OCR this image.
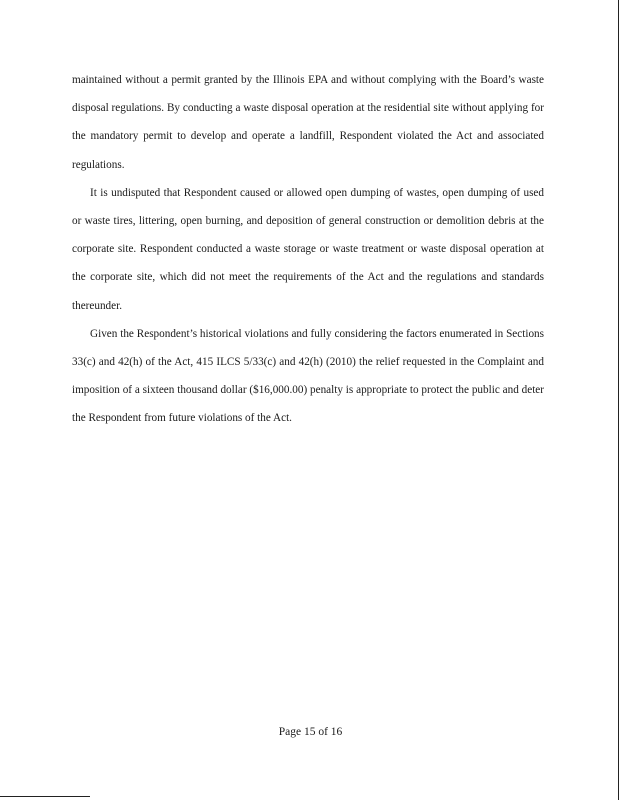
maintained without a permit granted by the Illinois EPA and without complying with the Board’s waste disposal regulations. By conducting a waste disposal operation at the residential site without applying for the mandatory permit to develop and operate a landfill, Respondent violated the Act and associated regulations.

It is undisputed that Respondent caused or allowed open dumping of wastes, open dumping of used or waste tires, littering, open burning, and deposition of general construction or demolition debris at the corporate site. Respondent conducted a waste storage or waste treatment or waste disposal operation at the corporate site, which did not meet the requirements of the Act and the regulations and standards thereunder.

Given the Respondent’s historical violations and fully considering the factors enumerated in Sections 33(c) and 42(h) of the Act, 415 ILCS 5/33(c) and 42(h) (2010) the relief requested in the Complaint and imposition of a sixteen thousand dollar ($16,000.00) penalty is appropriate to protect the public and deter the Respondent from future violations of the Act.

Page 15 of 16
